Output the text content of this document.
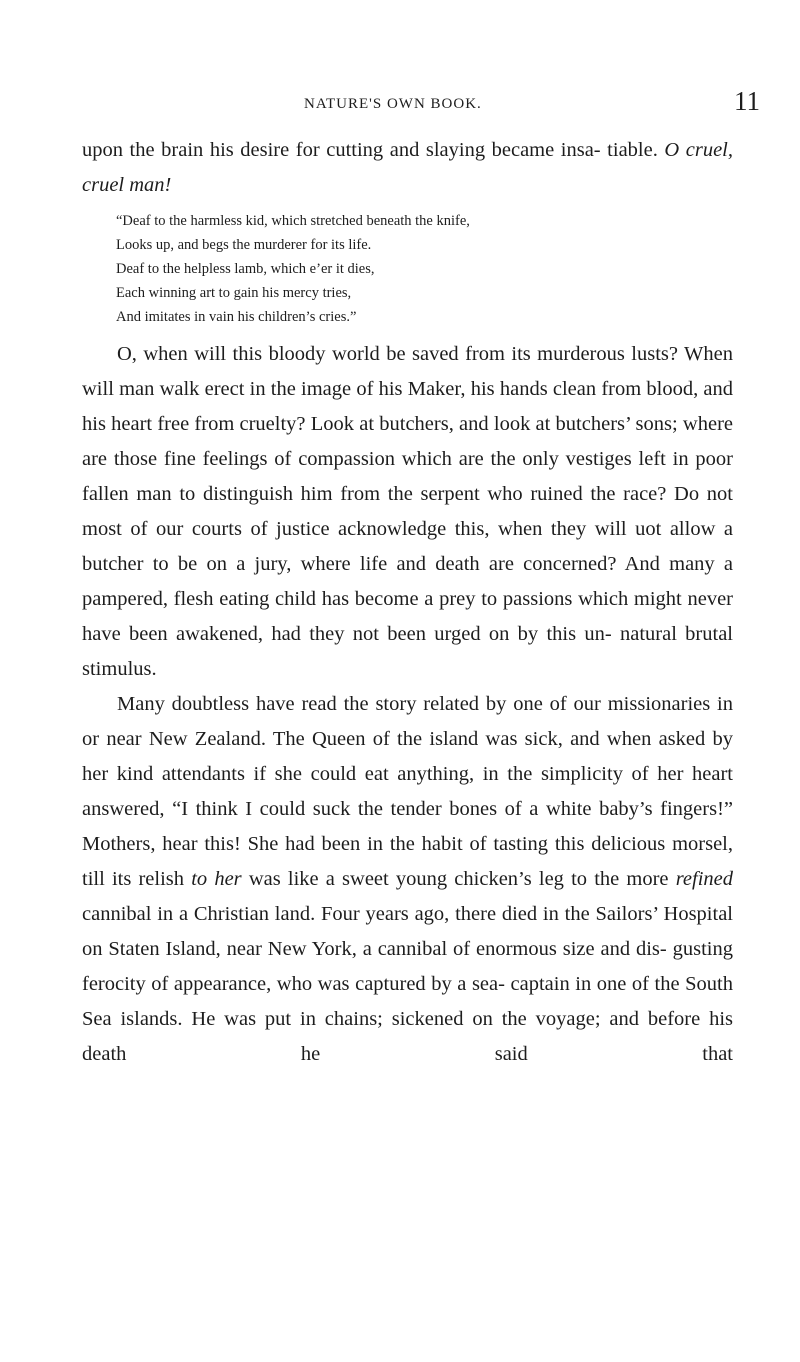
NATURE'S OWN BOOK.	11

upon the brain his desire for cutting and slaying became insa- tiable. O cruel, cruel man!

“Deaf to the harmless kid, which stretched beneath the knife,
Looks up, and begs the murderer for its life.
Deaf to the helpless lamb, which e’er it dies,
Each winning art to gain his mercy tries,
And imitates in vain his children’s cries.”

O, when will this bloody world be saved from its murderous lusts? When will man walk erect in the image of his Maker, his hands clean from blood, and his heart free from cruelty? Look at butchers, and look at butchers’ sons; where are those fine feelings of compassion which are the only vestiges left in poor fallen man to distinguish him from the serpent who ruined the race? Do not most of our courts of justice acknowledge this, when they will uot allow a butcher to be on a jury, where life and death are concerned? And many a pampered, flesh eating child has become a prey to passions which might never have been awakened, had they not been urged on by this un- natural brutal stimulus.

Many doubtless have read the story related by one of our missionaries in or near New Zealand. The Queen of the island was sick, and when asked by her kind attendants if she could eat anything, in the simplicity of her heart answered, “I think I could suck the tender bones of a white baby’s fingers!” Mothers, hear this! She had been in the habit of tasting this delicious morsel, till its relish to her was like a sweet young chicken’s leg to the more refined cannibal in a Christian land. Four years ago, there died in the Sailors’ Hospital on Staten Island, near New York, a cannibal of enormous size and dis- gusting ferocity of appearance, who was captured by a sea- captain in one of the South Sea islands. He was put in chains; sickened on the voyage; and before his death he said that
